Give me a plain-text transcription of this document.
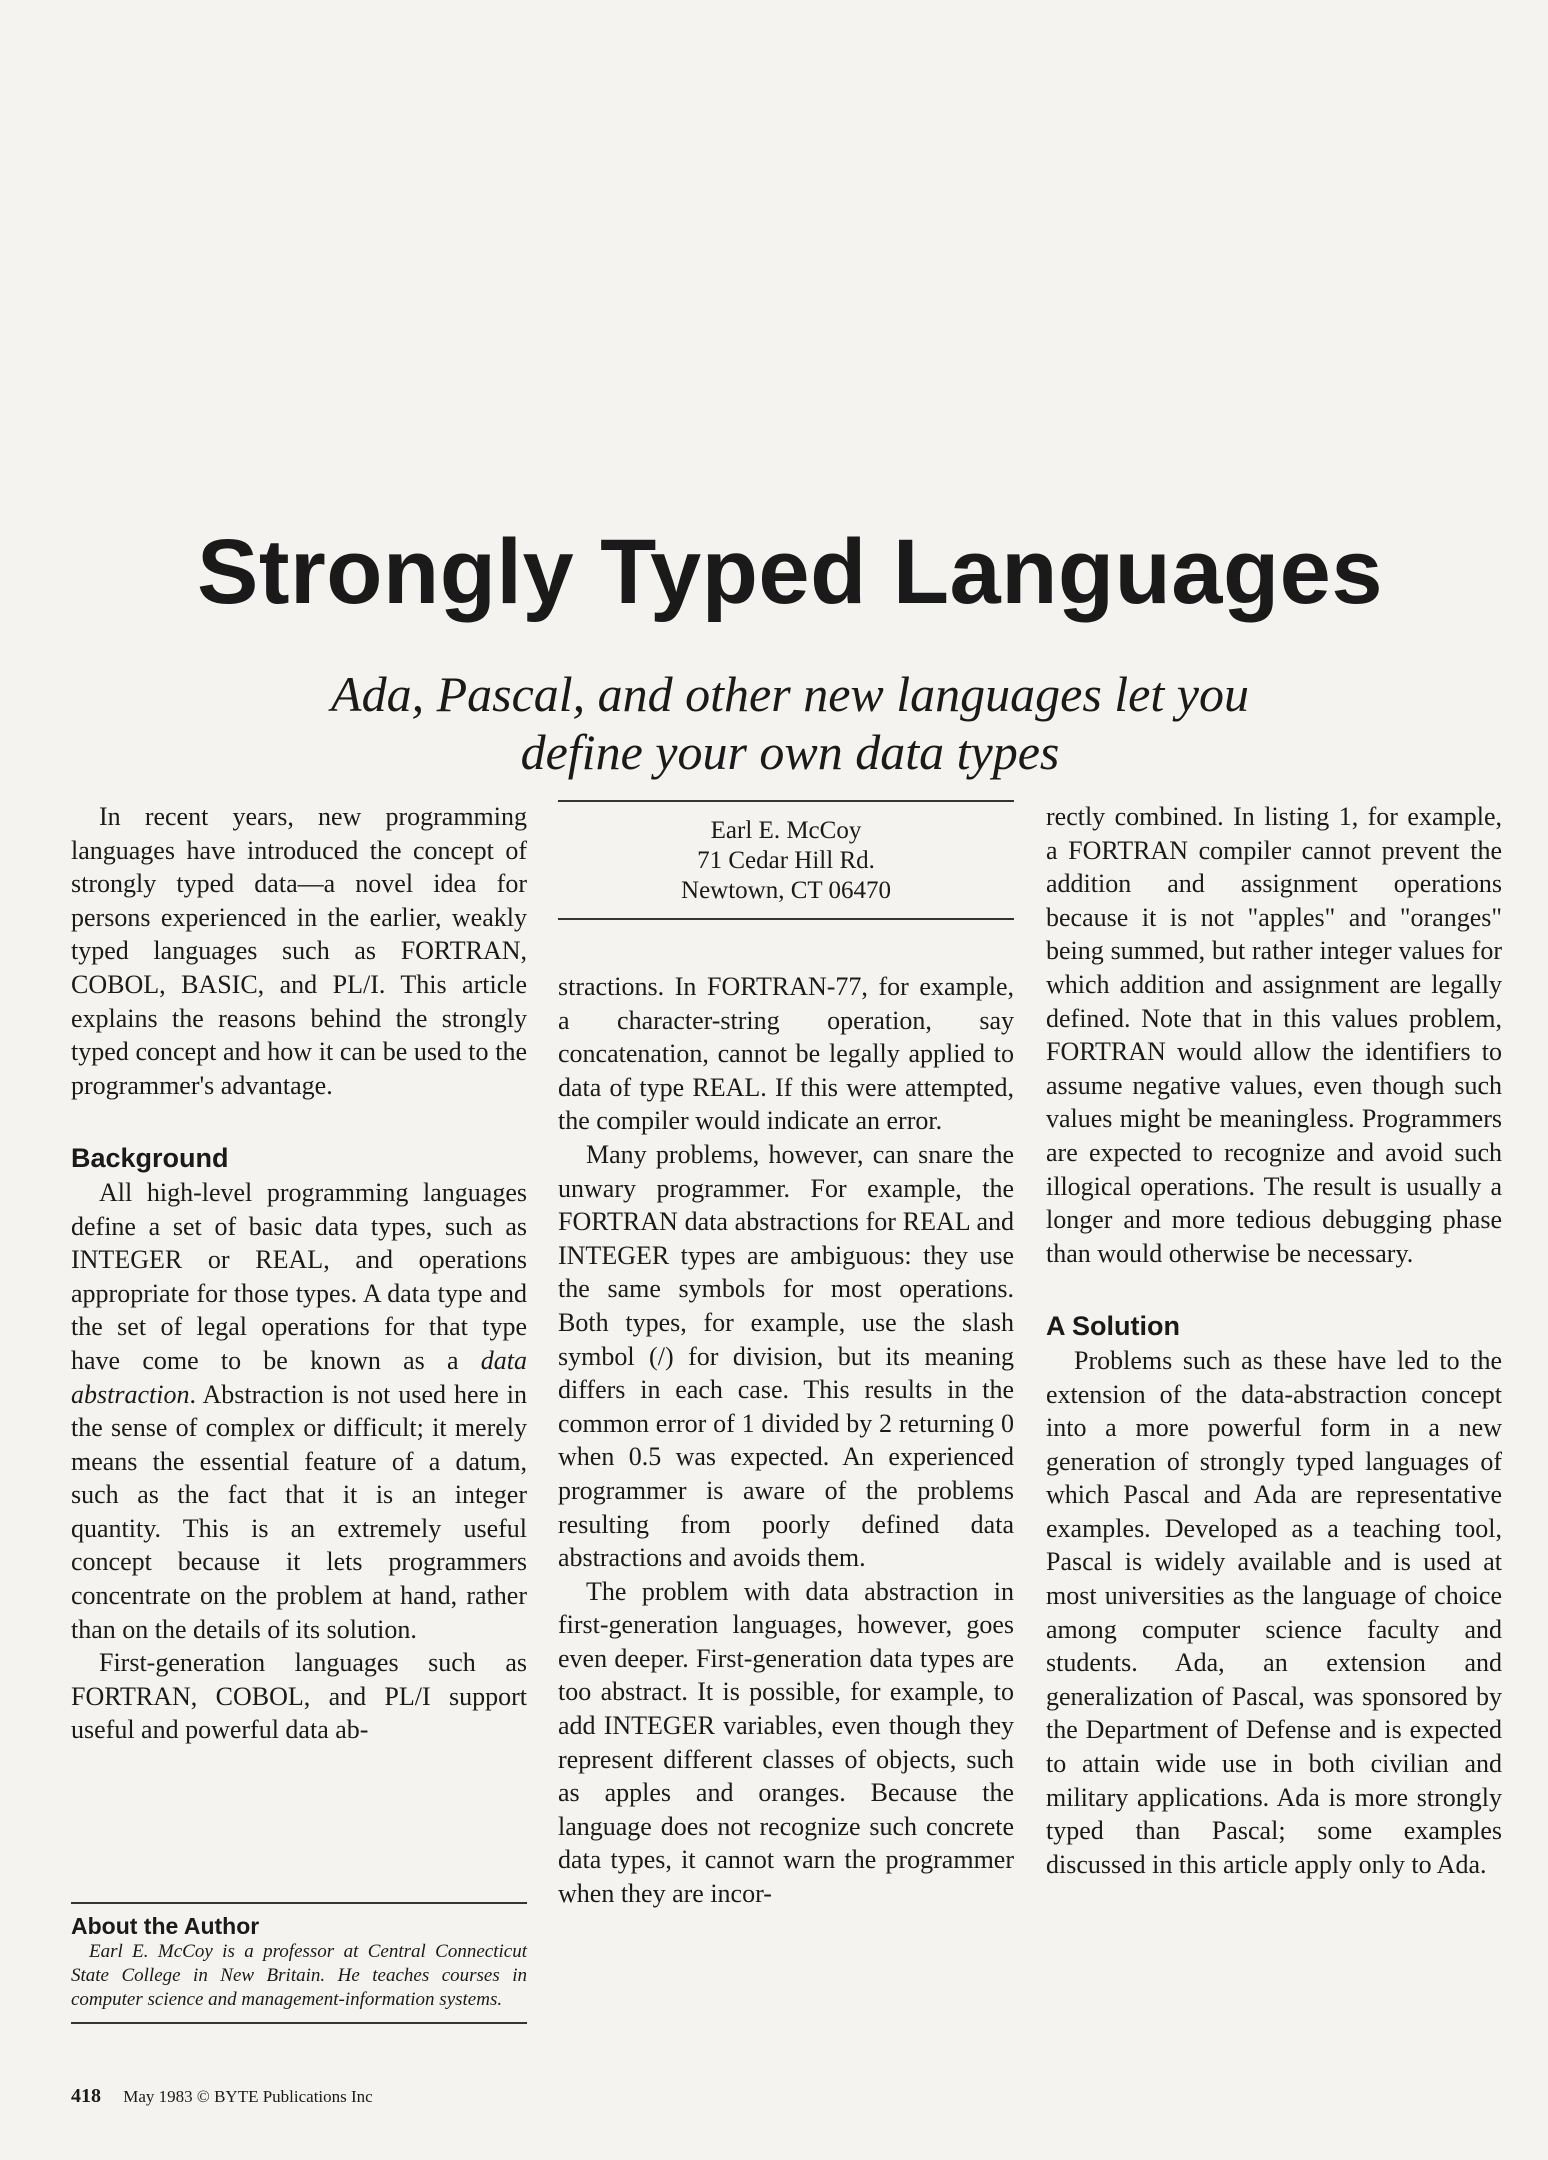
Strongly Typed Languages
Ada, Pascal, and other new languages let you
define your own data types

In recent years, new programming languages have introduced the concept of strongly typed data—a novel idea for persons experienced in the earlier, weakly typed languages such as FORTRAN, COBOL, BASIC, and PL/I. This article explains the reasons behind the strongly typed concept and how it can be used to the programmer's advantage.

Background

All high-level programming languages define a set of basic data types, such as INTEGER or REAL, and operations appropriate for those types. A data type and the set of legal operations for that type have come to be known as a data abstraction. Abstraction is not used here in the sense of complex or difficult; it merely means the essential feature of a datum, such as the fact that it is an integer quantity. This is an extremely useful concept because it lets programmers concentrate on the problem at hand, rather than on the details of its solution.

First-generation languages such as FORTRAN, COBOL, and PL/I support useful and powerful data ab-

About the Author

Earl E. McCoy is a professor at Central Connecticut State College in New Britain. He teaches courses in computer science and management-information systems.

Earl E. McCoy
71 Cedar Hill Rd.
Newtown, CT 06470

stractions. In FORTRAN-77, for example, a character-string operation, say concatenation, cannot be legally applied to data of type REAL. If this were attempted, the compiler would indicate an error.

Many problems, however, can snare the unwary programmer. For example, the FORTRAN data abstractions for REAL and INTEGER types are ambiguous: they use the same symbols for most operations. Both types, for example, use the slash symbol (/) for division, but its meaning differs in each case. This results in the common error of 1 divided by 2 returning 0 when 0.5 was expected. An experienced programmer is aware of the problems resulting from poorly defined data abstractions and avoids them.

The problem with data abstraction in first-generation languages, however, goes even deeper. First-generation data types are too abstract. It is possible, for example, to add INTEGER variables, even though they represent different classes of objects, such as apples and oranges. Because the language does not recognize such concrete data types, it cannot warn the programmer when they are incor-

rectly combined. In listing 1, for example, a FORTRAN compiler cannot prevent the addition and assignment operations because it is not "apples" and "oranges" being summed, but rather integer values for which addition and assignment are legally defined. Note that in this values problem, FORTRAN would allow the identifiers to assume negative values, even though such values might be meaningless. Programmers are expected to recognize and avoid such illogical operations. The result is usually a longer and more tedious debugging phase than would otherwise be necessary.

A Solution

Problems such as these have led to the extension of the data-abstraction concept into a more powerful form in a new generation of strongly typed languages of which Pascal and Ada are representative examples. Developed as a teaching tool, Pascal is widely available and is used at most universities as the language of choice among computer science faculty and students. Ada, an extension and generalization of Pascal, was sponsored by the Department of Defense and is expected to attain wide use in both civilian and military applications. Ada is more strongly typed than Pascal; some examples discussed in this article apply only to Ada.

418 May 1983 © BYTE Publications Inc
